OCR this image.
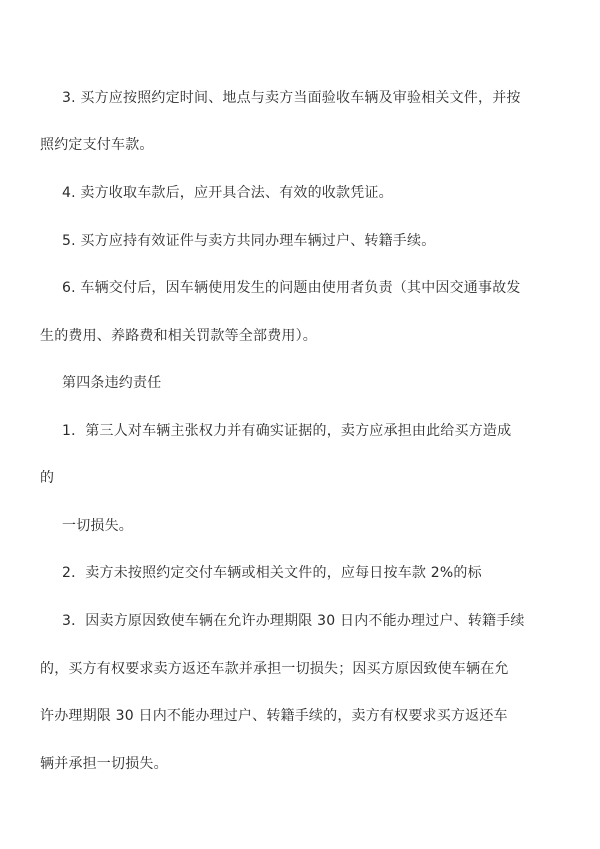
3. 买方应按照约定时间、地点与卖方当面验收车辆及审验相关文件，并按
照约定支付车款。
4. 卖方收取车款后，应开具合法、有效的收款凭证。
5. 买方应持有效证件与卖方共同办理车辆过户、转籍手续。
6. 车辆交付后，因车辆使用发生的问题由使用者负责（其中因交通事故发
生的费用、养路费和相关罚款等全部费用）。
第四条违约责任
1．第三人对车辆主张权力并有确实证据的，卖方应承担由此给买方造成
的
一切损失。
2．卖方未按照约定交付车辆或相关文件的，应每日按车款 2%的标
3．因卖方原因致使车辆在允许办理期限 30 日内不能办理过户、转籍手续
的，买方有权要求卖方返还车款并承担一切损失；因买方原因致使车辆在允
许办理期限 30 日内不能办理过户、转籍手续的，卖方有权要求买方返还车
辆并承担一切损失。
